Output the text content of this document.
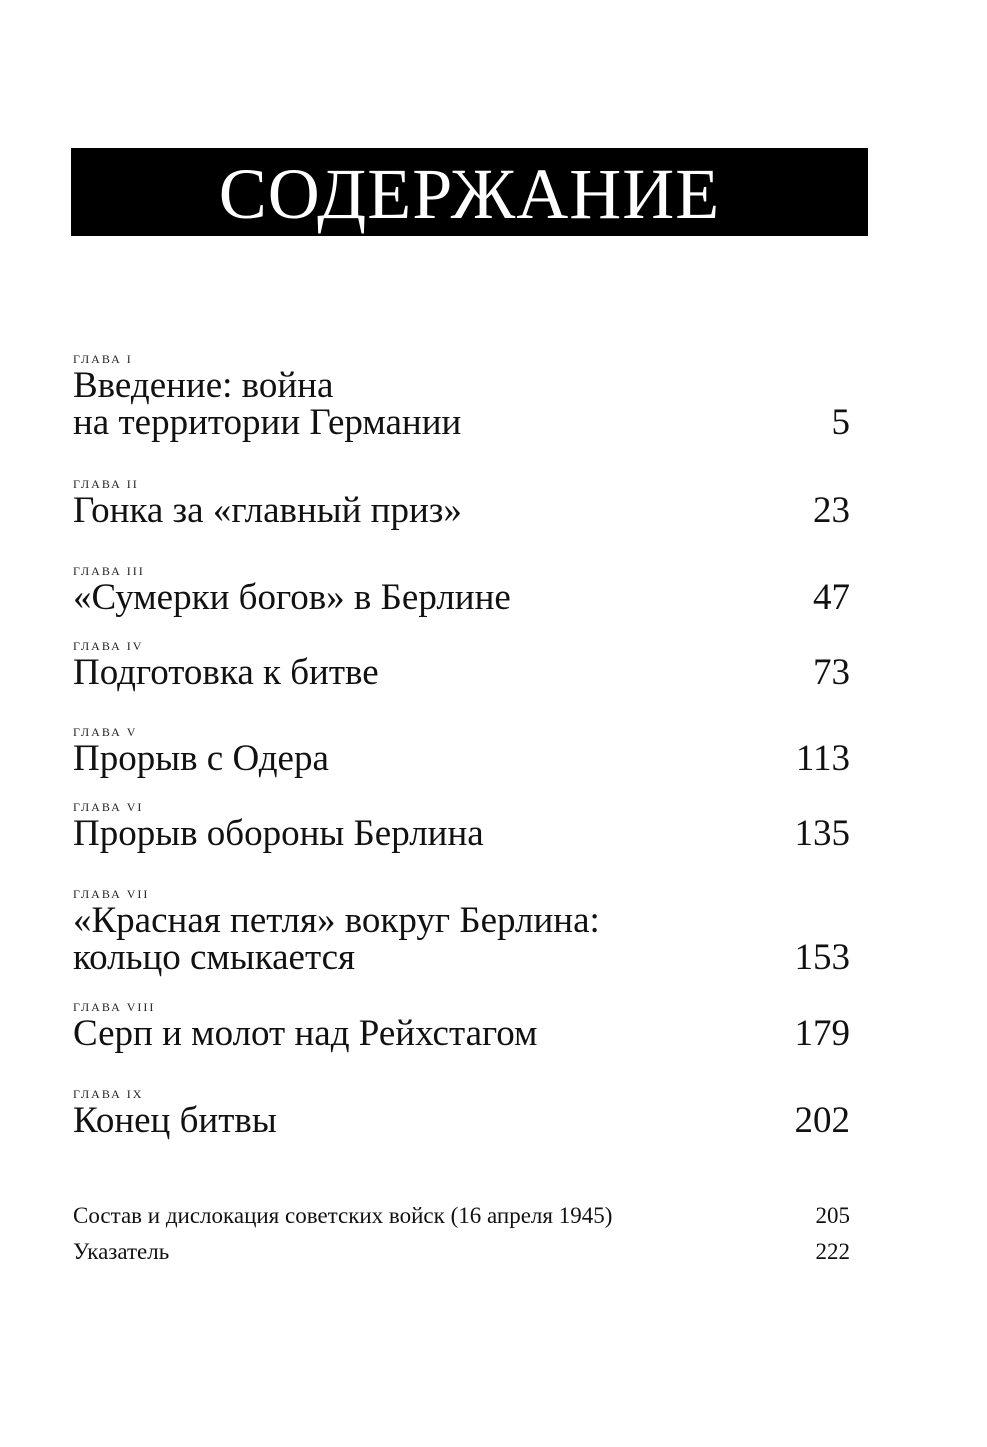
СОДЕРЖАНИЕ
ГЛАВА I
Введение: война
на территории Германии	5
ГЛАВА II
Гонка за «главный приз»	23
ГЛАВА III
«Сумерки богов» в Берлине	47
ГЛАВА IV
Подготовка к битве	73
ГЛАВА V
Прорыв с Одера	113
ГЛАВА VI
Прорыв обороны Берлина	135
ГЛАВА VII
«Красная петля» вокруг Берлина:
кольцо смыкается	153
ГЛАВА VIII
Серп и молот над Рейхстагом	179
ГЛАВА IX
Конец битвы	202
Состав и дислокация советских войск (16 апреля 1945)	205
Указатель	222
